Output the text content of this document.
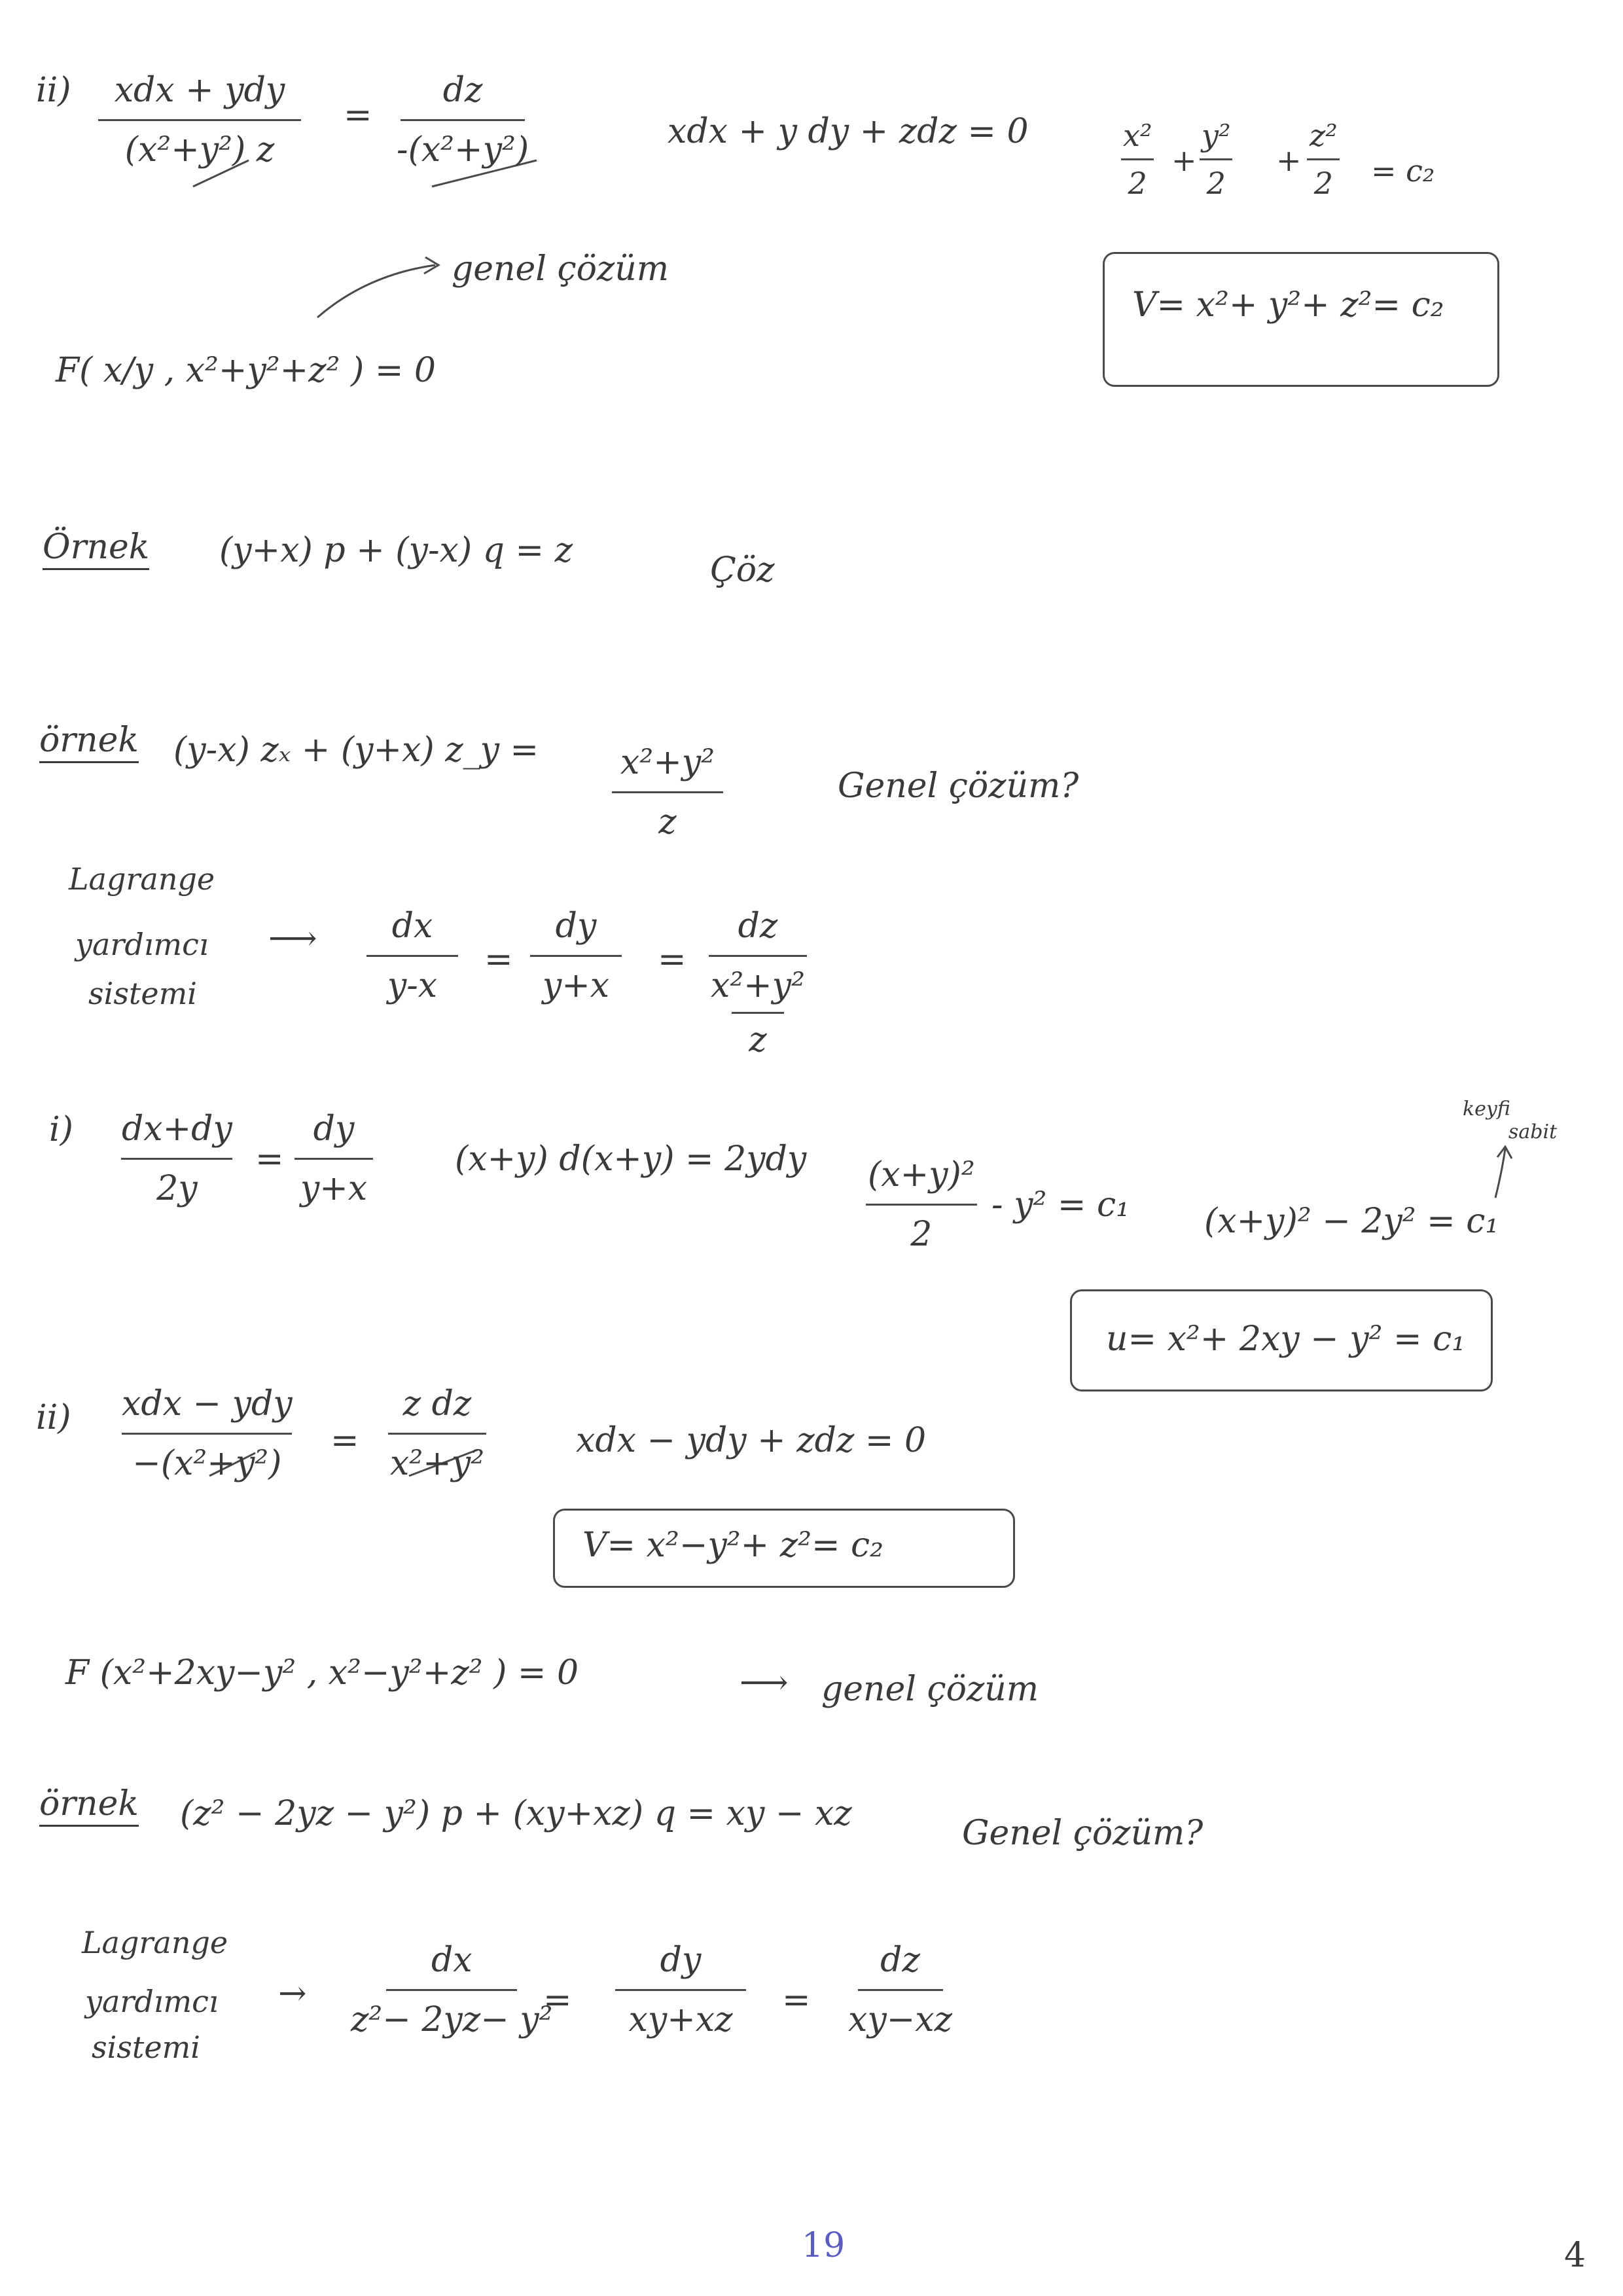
ii) xdx + ydy
(x²+y²) z
=
dz
-(x²+y²)	xdx + y dy + zdz = 0	x²
2
+
y²
2
+
z²
2 = c₂
V= x²+ y²+ z²= c₂
genel çözüm
F( x/y , x²+y²+z² ) = 0
Örnek (y+x) p + (y-x) q = z	Çöz
örnek (y-x) zₓ + (y+x) z_y = x²+y²
z
Genel çözüm?
Lagrange
yardımcı
sistemi
⟶ dx
y-x
=
dy
y+x
=
dz
x²+y²
z
i) dx+dy
2y
=
dy
y+x
(x+y) d(x+y) = 2ydy (x+y)²
2
- y² = c₁ (x+y)² − 2y² = c₁
keyfi
sabit
u= x²+ 2xy − y² = c₁
ii) xdx − ydy
−(x²+y²)
=
z dz
x²+y²
xdx − ydy + zdz = 0
V= x²−y²+ z²= c₂
F (x²+2xy−y² , x²−y²+z² ) = 0	⟶ genel çözüm
örnek (z² − 2yz − y²) p + (xy+xz) q = xy − xz	Genel çözüm?
Lagrange
yardımcı
sistemi
→
dx
z²− 2yz− y²
=
dy
xy+xz =
dz
xy−xz
19	4
